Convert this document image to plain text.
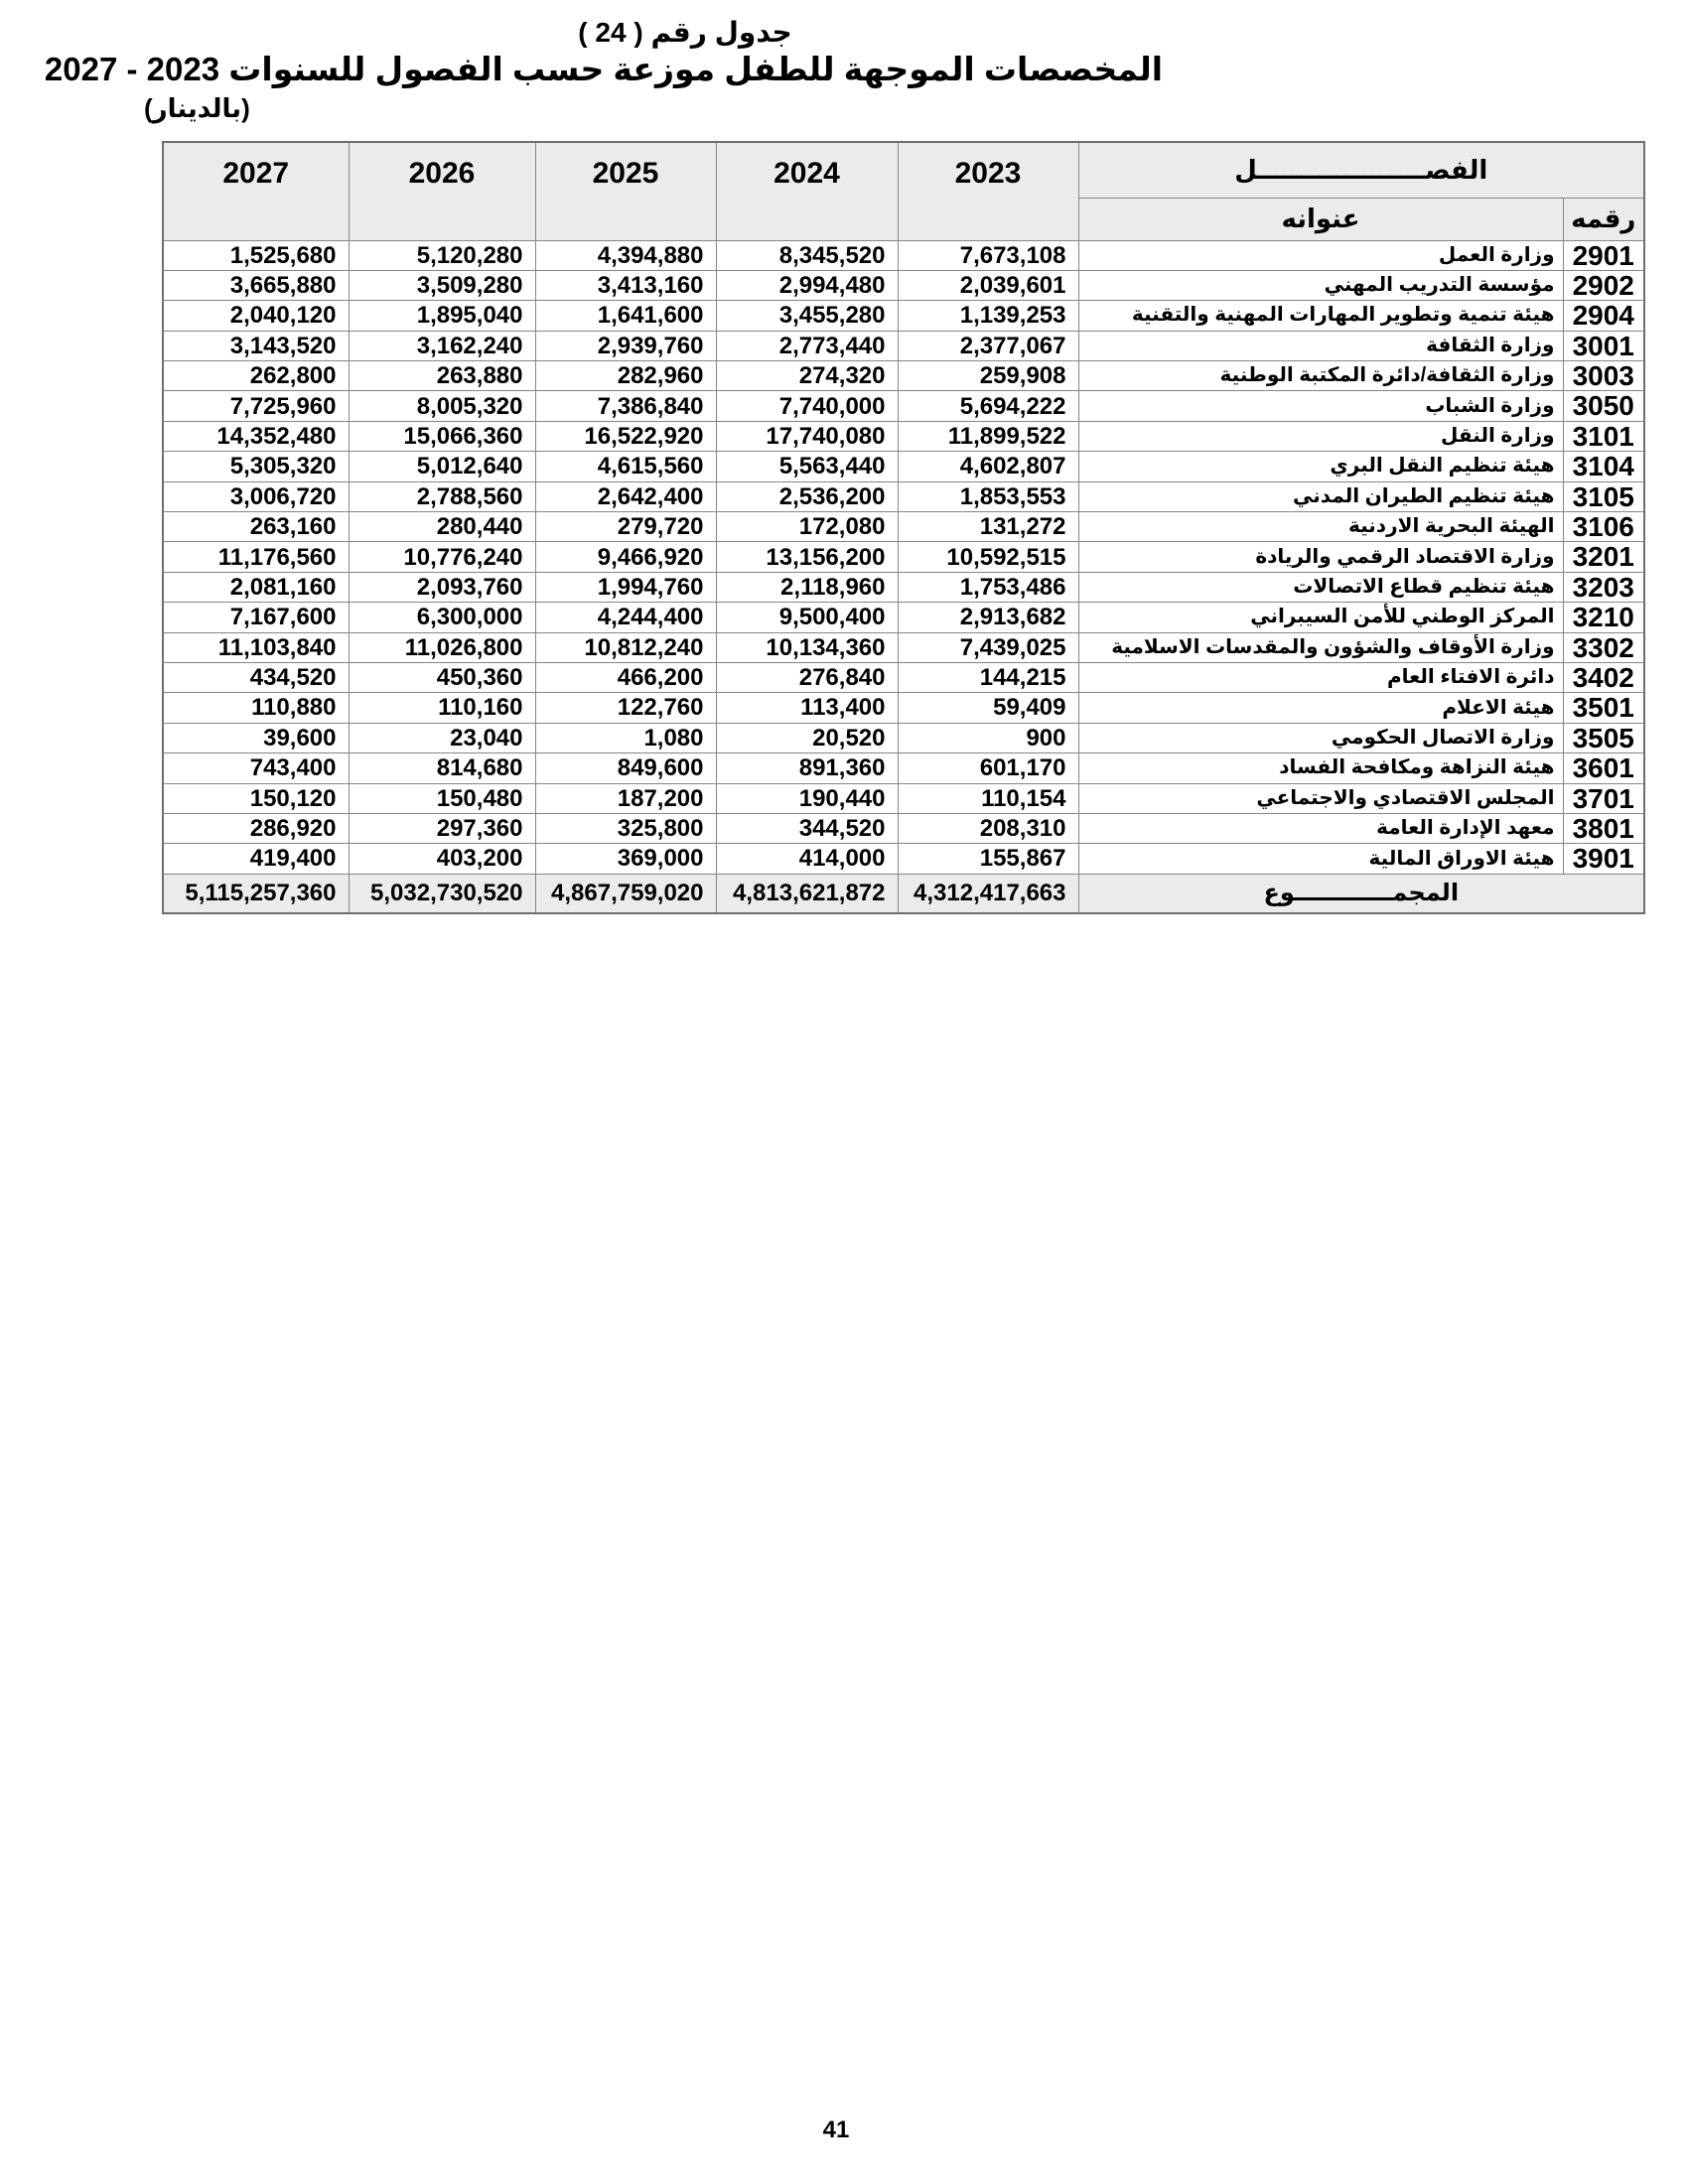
جدول رقم ( 24 )
المخصصات الموجهة للطفل موزعة حسب الفصول للسنوات 2023 - 2027
(بالدينار)
2027	2026	2025	2024	2023	الفصـــــــــــــــــــل	
					عنوانه	رقمه
1,525,680	5,120,280	4,394,880	8,345,520	7,673,108	وزارة العمل	2901
3,665,880	3,509,280	3,413,160	2,994,480	2,039,601	مؤسسة التدريب المهني	2902
2,040,120	1,895,040	1,641,600	3,455,280	1,139,253	هيئة تنمية وتطوير المهارات المهنية والتقنية	2904
3,143,520	3,162,240	2,939,760	2,773,440	2,377,067	وزارة الثقافة	3001
262,800	263,880	282,960	274,320	259,908	وزارة الثقافة/دائرة المكتبة الوطنية	3003
7,725,960	8,005,320	7,386,840	7,740,000	5,694,222	وزارة الشباب	3050
14,352,480	15,066,360	16,522,920	17,740,080	11,899,522	وزارة النقل	3101
5,305,320	5,012,640	4,615,560	5,563,440	4,602,807	هيئة تنظيم النقل البري	3104
3,006,720	2,788,560	2,642,400	2,536,200	1,853,553	هيئة تنظيم الطيران المدني	3105
263,160	280,440	279,720	172,080	131,272	الهيئة البحرية الاردنية	3106
11,176,560	10,776,240	9,466,920	13,156,200	10,592,515	وزارة الاقتصاد الرقمي والريادة	3201
2,081,160	2,093,760	1,994,760	2,118,960	1,753,486	هيئة تنظيم قطاع الاتصالات	3203
7,167,600	6,300,000	4,244,400	9,500,400	2,913,682	المركز الوطني للأمن السيبراني	3210
11,103,840	11,026,800	10,812,240	10,134,360	7,439,025	وزارة الأوقاف والشؤون والمقدسات الاسلامية	3302
434,520	450,360	466,200	276,840	144,215	دائرة الافتاء العام	3402
110,880	110,160	122,760	113,400	59,409	هيئة الاعلام	3501
39,600	23,040	1,080	20,520	900	وزارة الاتصال الحكومي	3505
743,400	814,680	849,600	891,360	601,170	هيئة النزاهة ومكافحة الفساد	3601
150,120	150,480	187,200	190,440	110,154	المجلس الاقتصادي والاجتماعي	3701
286,920	297,360	325,800	344,520	208,310	معهد الإدارة العامة	3801
419,400	403,200	369,000	414,000	155,867	هيئة الاوراق المالية	3901
5,115,257,360	5,032,730,520	4,867,759,020	4,813,621,872	4,312,417,663	المجمــــــــــــوع	
41
